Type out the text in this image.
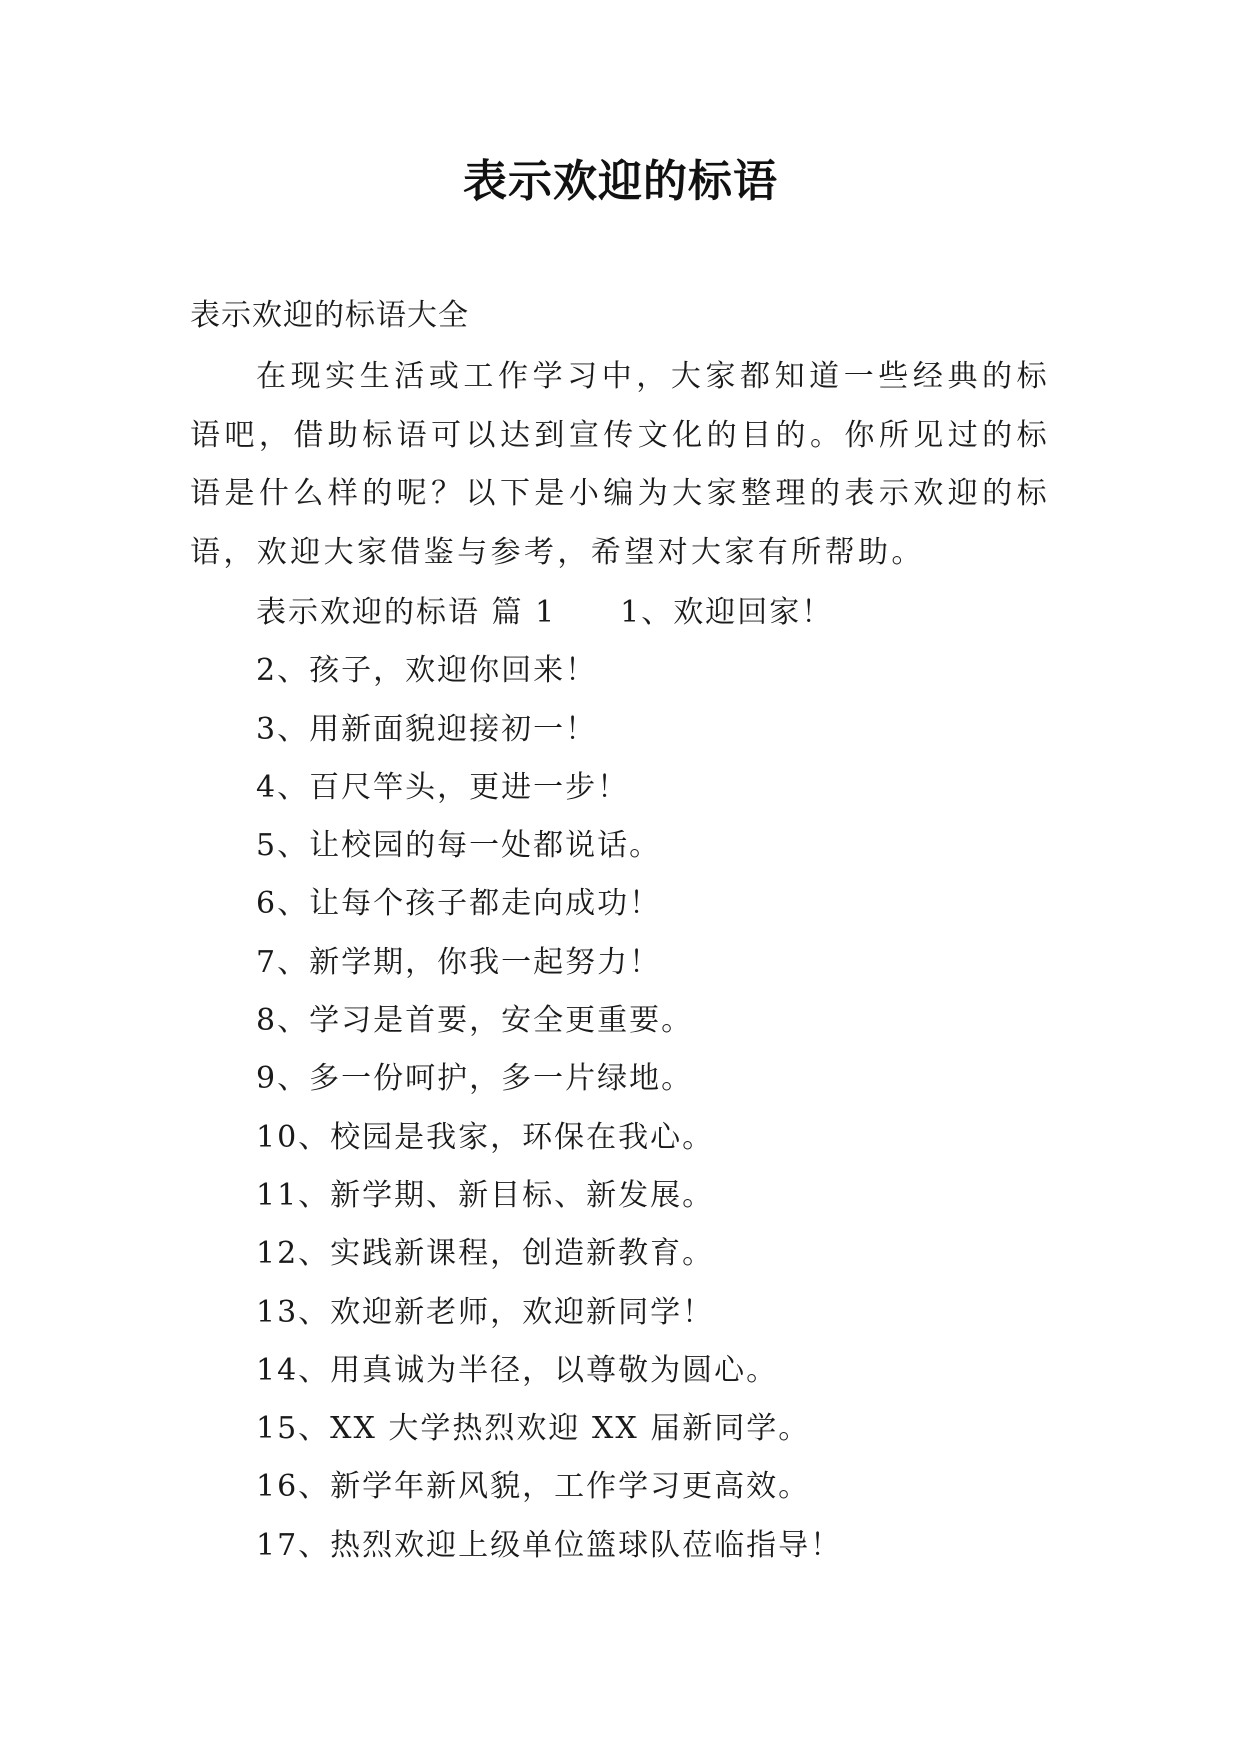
表示欢迎的标语
表示欢迎的标语大全
在现实生活或工作学习中，大家都知道一些经典的标语吧，借助标语可以达到宣传文化的目的。你所见过的标语是什么样的呢？以下是小编为大家整理的表示欢迎的标语，欢迎大家借鉴与参考，希望对大家有所帮助。
表示欢迎的标语 篇 1 1、欢迎回家！
2、孩子，欢迎你回来！
3、用新面貌迎接初一！
4、百尺竿头，更进一步！
5、让校园的每一处都说话。
6、让每个孩子都走向成功！
7、新学期，你我一起努力！
8、学习是首要，安全更重要。
9、多一份呵护，多一片绿地。
10、校园是我家，环保在我心。
11、新学期、新目标、新发展。
12、实践新课程，创造新教育。
13、欢迎新老师，欢迎新同学！
14、用真诚为半径，以尊敬为圆心。
15、XX 大学热烈欢迎 XX 届新同学。
16、新学年新风貌，工作学习更高效。
17、热烈欢迎上级单位篮球队莅临指导！
